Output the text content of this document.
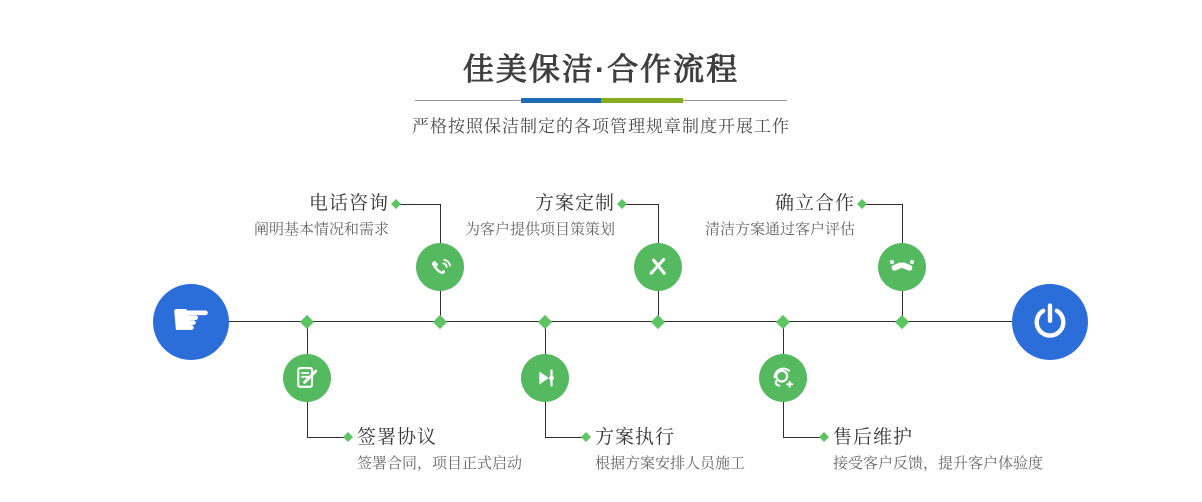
佳美保洁·合作流程

严格按照保洁制定的各项管理规章制度开展工作

☛
电话咨询
阐明基本情况和需求
方案定制
为客户提供项目策策划
确立合作
清洁方案通过客户评估
签署协议
签署合同，项目正式启动
方案执行
根据方案安排人员施工
售后维护
接受客户反馈，提升客户体验度
